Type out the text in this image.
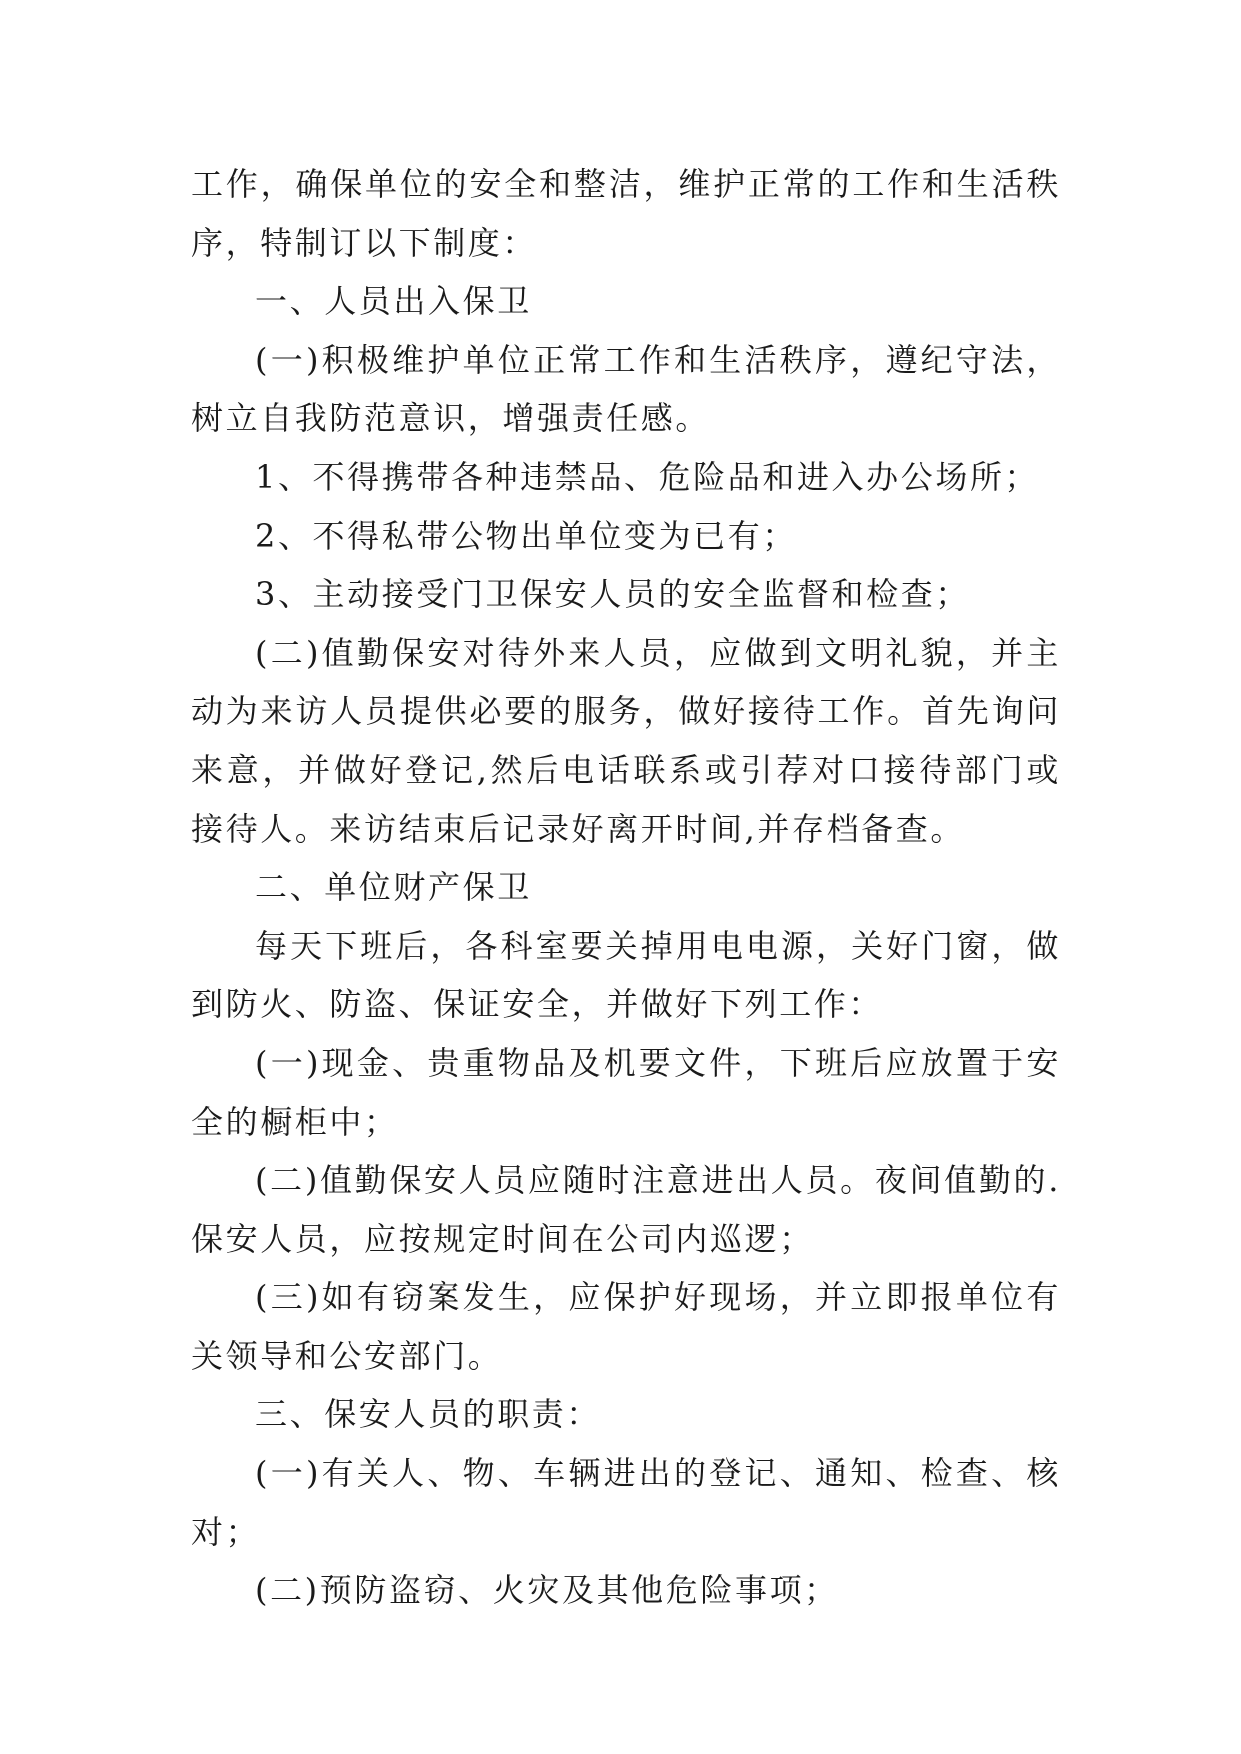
工作，确保单位的安全和整洁，维护正常的工作和生活秩序，特制订以下制度：

一、人员出入保卫

(一)积极维护单位正常工作和生活秩序，遵纪守法，树立自我防范意识，增强责任感。

1、不得携带各种违禁品、危险品和进入办公场所；

2、不得私带公物出单位变为已有；

3、主动接受门卫保安人员的安全监督和检查；

(二)值勤保安对待外来人员，应做到文明礼貌，并主动为来访人员提供必要的服务，做好接待工作。首先询问来意，并做好登记,然后电话联系或引荐对口接待部门或接待人。来访结束后记录好离开时间,并存档备查。

二、单位财产保卫

每天下班后，各科室要关掉用电电源，关好门窗，做到防火、防盗、保证安全，并做好下列工作：

(一)现金、贵重物品及机要文件，下班后应放置于安全的橱柜中；

(二)值勤保安人员应随时注意进出人员。夜间值勤的.保安人员，应按规定时间在公司内巡逻；

(三)如有窃案发生，应保护好现场，并立即报单位有关领导和公安部门。

三、保安人员的职责：

(一)有关人、物、车辆进出的登记、通知、检查、核对；

(二)预防盗窃、火灾及其他危险事项；
